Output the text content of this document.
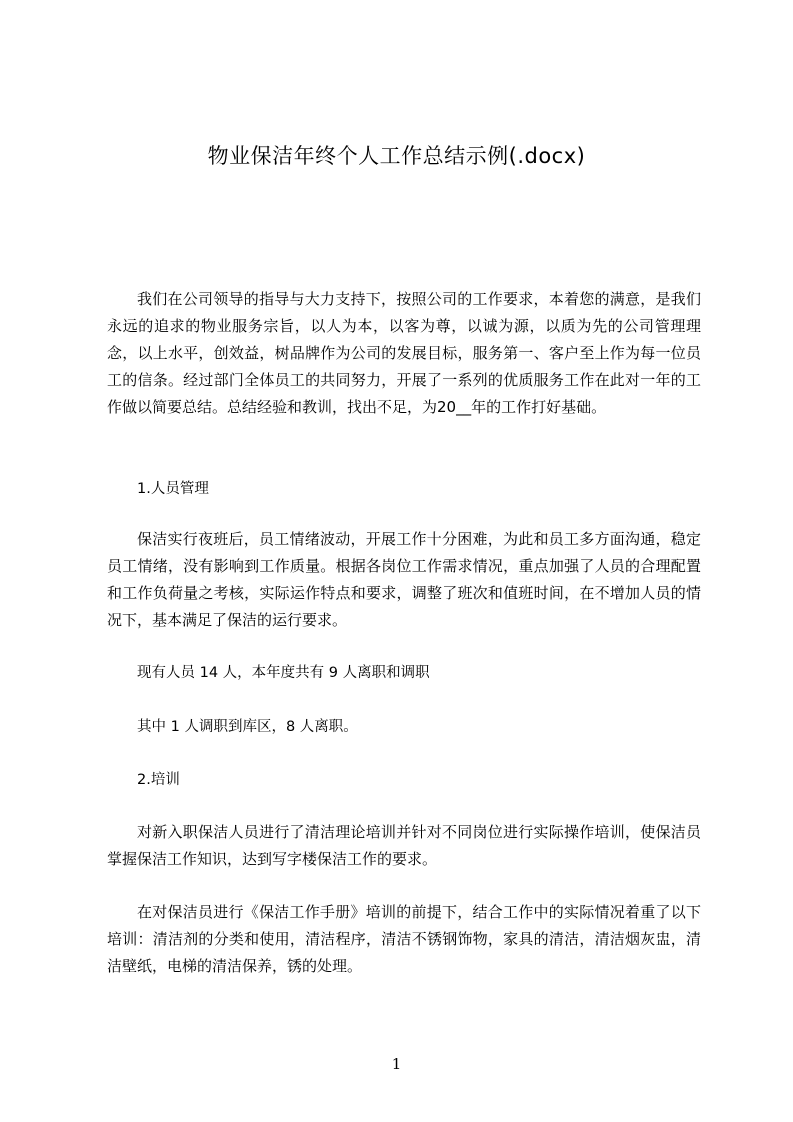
物业保洁年终个人工作总结示例(.docx)

我们在公司领导的指导与大力支持下，按照公司的工作要求，本着您的满意，是我们永远的追求的物业服务宗旨，以人为本，以客为尊，以诚为源，以质为先的公司管理理念，以上水平，创效益，树品牌作为公司的发展目标，服务第一、客户至上作为每一位员工的信条。经过部门全体员工的共同努力，开展了一系列的优质服务工作在此对一年的工作做以简要总结。总结经验和教训，找出不足，为20__年的工作打好基础。

1.人员管理

保洁实行夜班后，员工情绪波动，开展工作十分困难，为此和员工多方面沟通，稳定员工情绪，没有影响到工作质量。根据各岗位工作需求情况，重点加强了人员的合理配置和工作负荷量之考核，实际运作特点和要求，调整了班次和值班时间，在不增加人员的情况下，基本满足了保洁的运行要求。

现有人员 14 人，本年度共有 9 人离职和调职
其中 1 人调职到库区，8 人离职。
2.培训

对新入职保洁人员进行了清洁理论培训并针对不同岗位进行实际操作培训，使保洁员掌握保洁工作知识，达到写字楼保洁工作的要求。

在对保洁员进行《保洁工作手册》培训的前提下，结合工作中的实际情况着重了以下培训：清洁剂的分类和使用，清洁程序，清洁不锈钢饰物，家具的清洁，清洁烟灰盅，清洁壁纸，电梯的清洁保养，锈的处理。

1
